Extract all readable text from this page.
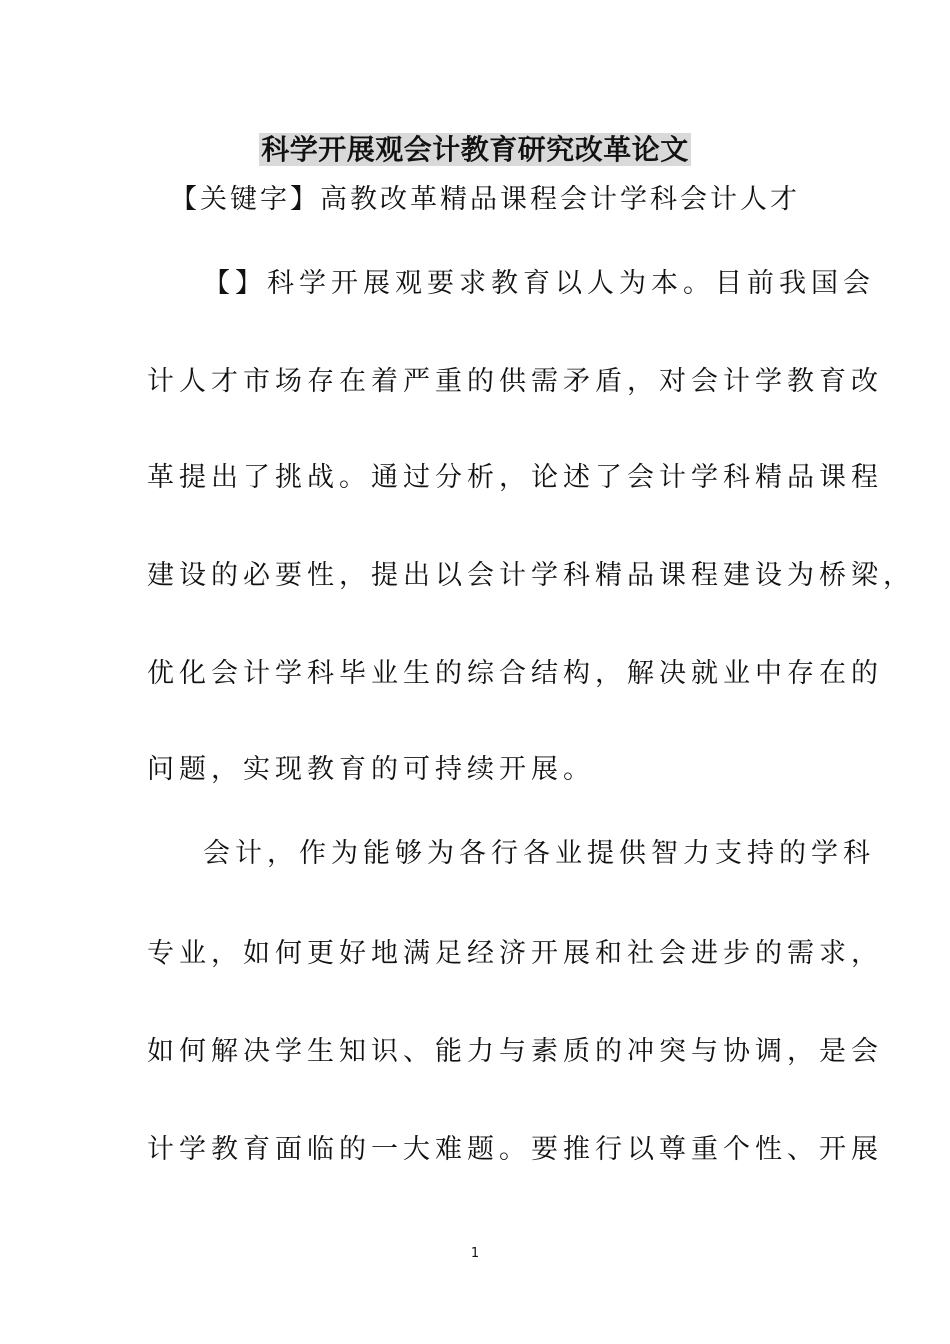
科学开展观会计教育研究改革论文
【关键字】高教改革精品课程会计学科会计人才
【】科学开展观要求教育以人为本。目前我国会
计人才市场存在着严重的供需矛盾，对会计学教育改
革提出了挑战。通过分析，论述了会计学科精品课程
建设的必要性，提出以会计学科精品课程建设为桥梁，
优化会计学科毕业生的综合结构，解决就业中存在的
问题，实现教育的可持续开展。
会计，作为能够为各行各业提供智力支持的学科
专业，如何更好地满足经济开展和社会进步的需求，
如何解决学生知识、能力与素质的冲突与协调，是会
计学教育面临的一大难题。要推行以尊重个性、开展
1
